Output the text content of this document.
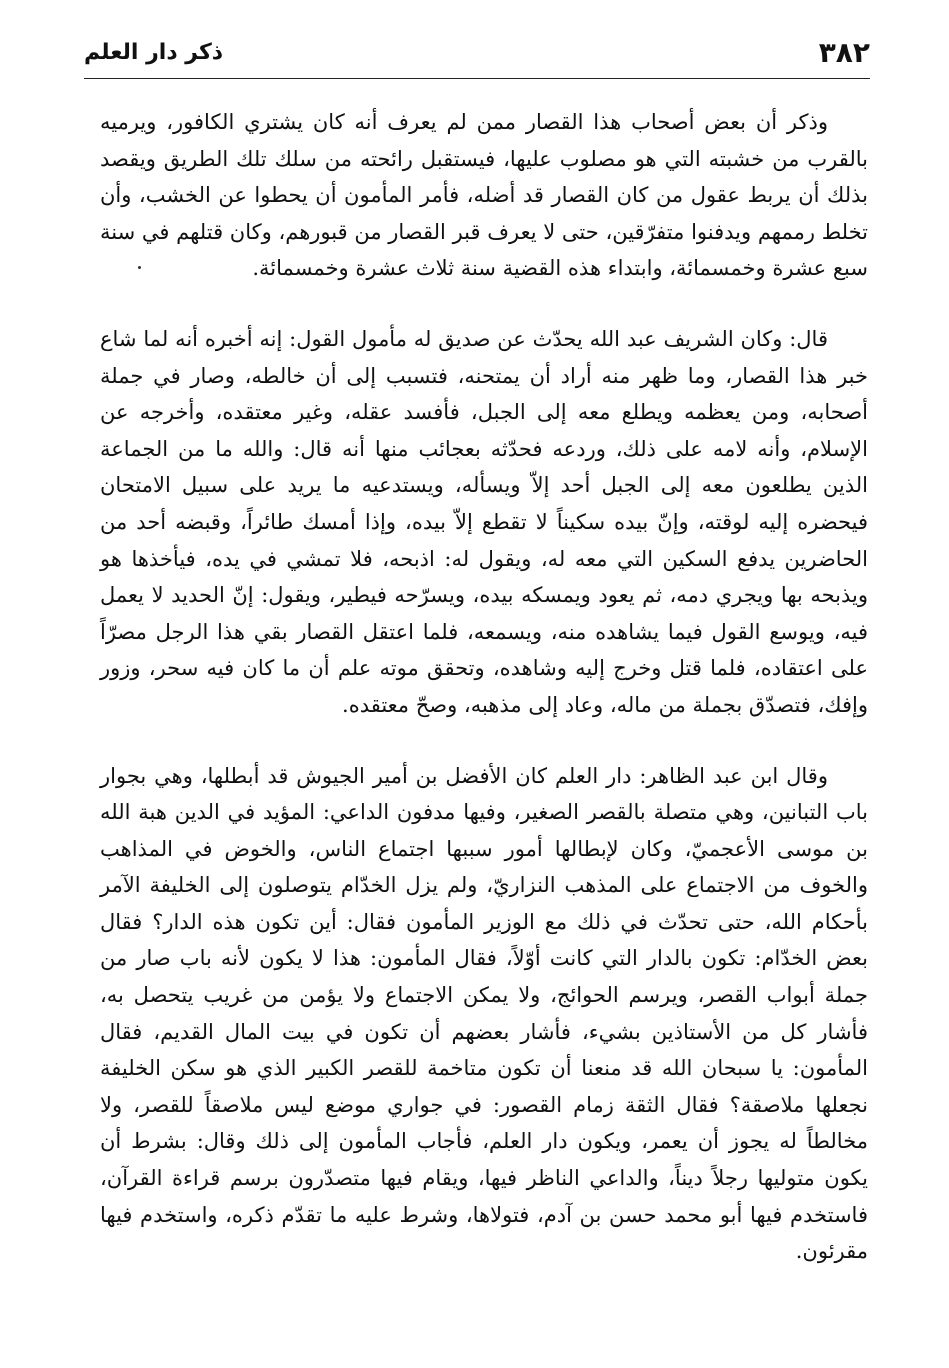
٣٨٢
ذكر دار العلم

وذكر أن بعض أصحاب هذا القصار ممن لم يعرف أنه كان يشتري الكافور، ويرميه بالقرب من خشبته التي هو مصلوب عليها، فيستقبل رائحته من سلك تلك الطريق ويقصد بذلك أن يربط عقول من كان القصار قد أضله، فأمر المأمون أن يحطوا عن الخشب، وأن تخلط رممهم ويدفنوا متفرّقين، حتى لا يعرف قبر القصار من قبورهم، وكان قتلهم في سنة سبع عشرة وخمسمائة، وابتداء هذه القضية سنة ثلاث عشرة وخمسمائة.

قال: وكان الشريف عبد الله يحدّث عن صديق له مأمول القول: إنه أخبره أنه لما شاع خبر هذا القصار، وما ظهر منه أراد أن يمتحنه، فتسبب إلى أن خالطه، وصار في جملة أصحابه، ومن يعظمه ويطلع معه إلى الجبل، فأفسد عقله، وغير معتقده، وأخرجه عن الإسلام، وأنه لامه على ذلك، وردعه فحدّثه بعجائب منها أنه قال: والله ما من الجماعة الذين يطلعون معه إلى الجبل أحد إلاّ ويسأله، ويستدعيه ما يريد على سبيل الامتحان فيحضره إليه لوقته، وإنّ بيده سكيناً لا تقطع إلاّ بيده، وإذا أمسك طائراً، وقبضه أحد من الحاضرين يدفع السكين التي معه له، ويقول له: اذبحه، فلا تمشي في يده، فيأخذها هو ويذبحه بها ويجري دمه، ثم يعود ويمسكه بيده، ويسرّحه فيطير، ويقول: إنّ الحديد لا يعمل فيه، ويوسع القول فيما يشاهده منه، ويسمعه، فلما اعتقل القصار بقي هذا الرجل مصرّاً على اعتقاده، فلما قتل وخرج إليه وشاهده، وتحقق موته علم أن ما كان فيه سحر، وزور وإفك، فتصدّق بجملة من ماله، وعاد إلى مذهبه، وصحّ معتقده.

وقال ابن عبد الظاهر: دار العلم كان الأفضل بن أمير الجيوش قد أبطلها، وهي بجوار باب التبانين، وهي متصلة بالقصر الصغير، وفيها مدفون الداعي: المؤيد في الدين هبة الله بن موسى الأعجميّ، وكان لإبطالها أمور سببها اجتماع الناس، والخوض في المذاهب والخوف من الاجتماع على المذهب النزاريّ، ولم يزل الخدّام يتوصلون إلى الخليفة الآمر بأحكام الله، حتى تحدّث في ذلك مع الوزير المأمون فقال: أين تكون هذه الدار؟ فقال بعض الخدّام: تكون بالدار التي كانت أوّلاً، فقال المأمون: هذا لا يكون لأنه باب صار من جملة أبواب القصر، ويرسم الحوائج، ولا يمكن الاجتماع ولا يؤمن من غريب يتحصل به، فأشار كل من الأستاذين بشيء، فأشار بعضهم أن تكون في بيت المال القديم، فقال المأمون: يا سبحان الله قد منعنا أن تكون متاخمة للقصر الكبير الذي هو سكن الخليفة نجعلها ملاصقة؟ فقال الثقة زمام القصور: في جواري موضع ليس ملاصقاً للقصر، ولا مخالطاً له يجوز أن يعمر، ويكون دار العلم، فأجاب المأمون إلى ذلك وقال: بشرط أن يكون متوليها رجلاً ديناً، والداعي الناظر فيها، ويقام فيها متصدّرون برسم قراءة القرآن، فاستخدم فيها أبو محمد حسن بن آدم، فتولاها، وشرط عليه ما تقدّم ذكره، واستخدم فيها مقرئون.
